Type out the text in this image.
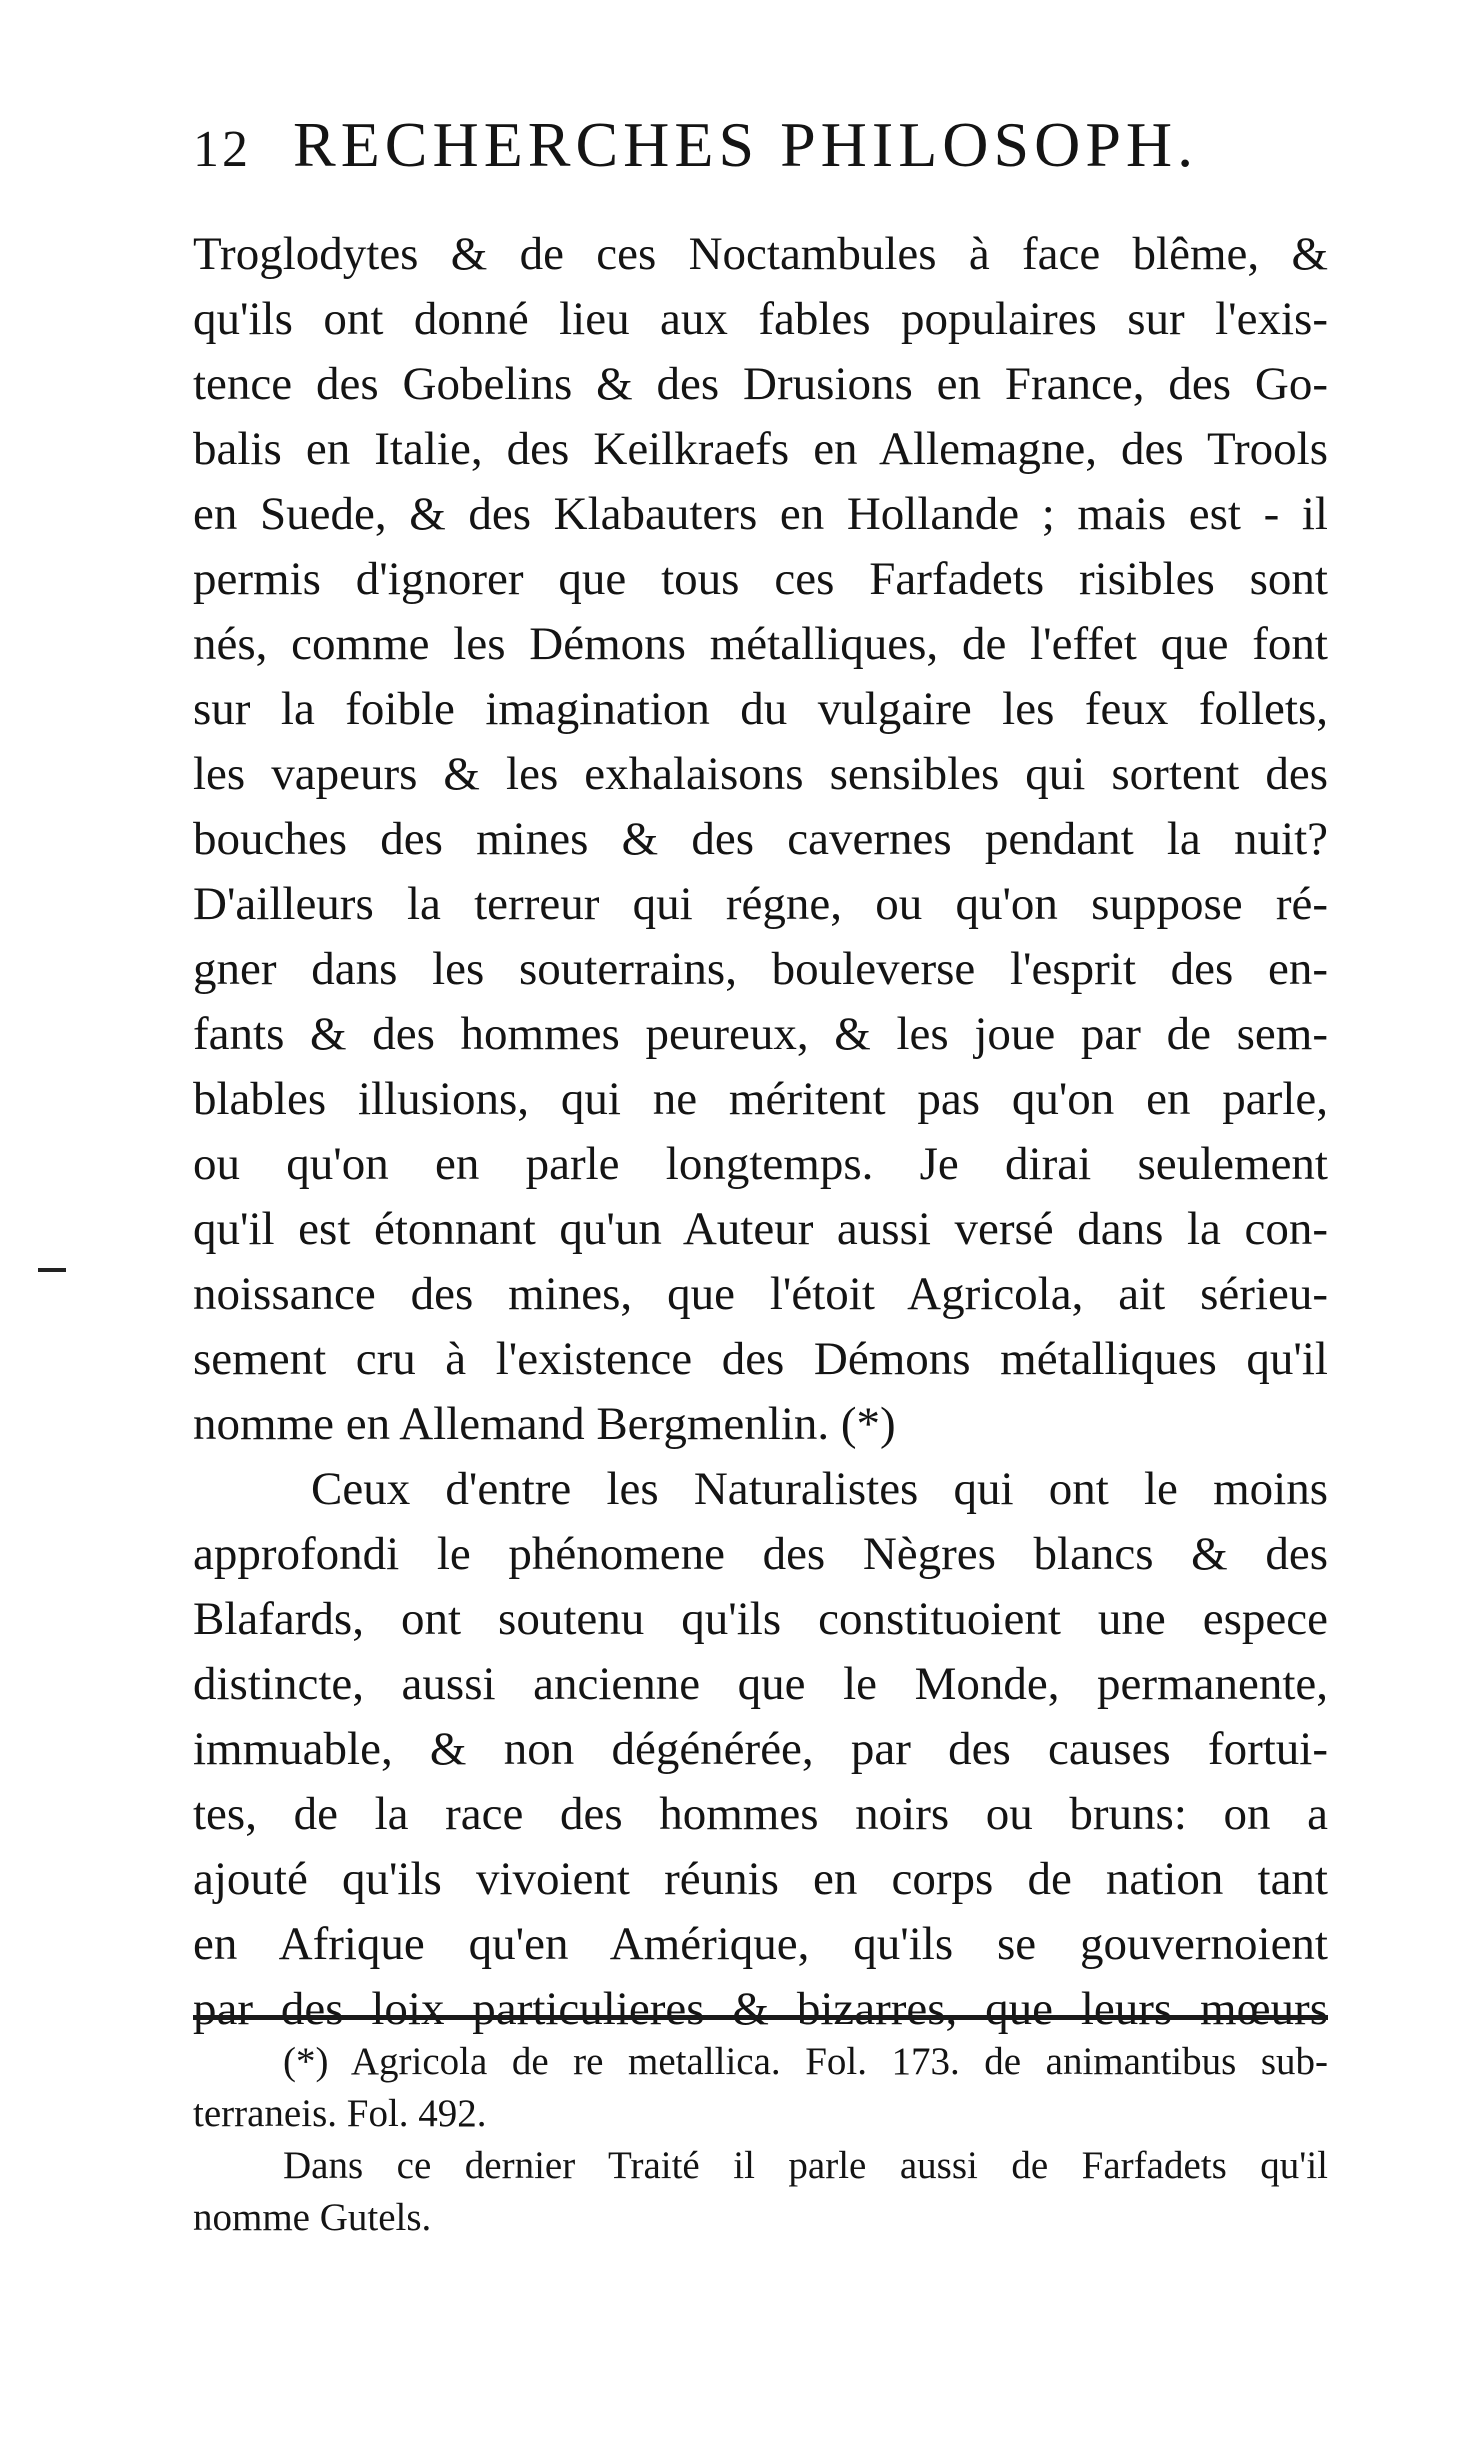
12 RECHERCHES PHILOSOPH.
Troglodytes & de ces Noctambules à face blême, &
qu'ils ont donné lieu aux fables populaires sur l'exis-
tence des Gobelins & des Drusions en France, des Go-
balis en Italie, des Keilkraefs en Allemagne, des Trools
en Suede, & des Klabauters en Hollande ; mais est - il
permis d'ignorer que tous ces Farfadets risibles sont
nés, comme les Démons métalliques, de l'effet que font
sur la foible imagination du vulgaire les feux follets,
les vapeurs & les exhalaisons sensibles qui sortent des
bouches des mines & des cavernes pendant la nuit?
D'ailleurs la terreur qui régne, ou qu'on suppose ré-
gner dans les souterrains, bouleverse l'esprit des en-
fants & des hommes peureux, & les joue par de sem-
blables illusions, qui ne méritent pas qu'on en parle,
ou qu'on en parle longtemps. Je dirai seulement
qu'il est étonnant qu'un Auteur aussi versé dans la con-
noissance des mines, que l'étoit Agricola, ait sérieu-
sement cru à l'existence des Démons métalliques qu'il
nomme en Allemand Bergmenlin. (*)
Ceux d'entre les Naturalistes qui ont le moins
approfondi le phénomene des Nègres blancs & des
Blafards, ont soutenu qu'ils constituoient une espece
distincte, aussi ancienne que le Monde, permanente,
immuable, & non dégénérée, par des causes fortui-
tes, de la race des hommes noirs ou bruns: on a
ajouté qu'ils vivoient réunis en corps de nation tant
en Afrique qu'en Amérique, qu'ils se gouvernoient
par des loix particulieres & bizarres, que leurs mœurs
(*) Agricola de re metallica. Fol. 173. de animantibus sub-
terraneis. Fol. 492.
Dans ce dernier Traité il parle aussi de Farfadets qu'il
nomme Gutels.
